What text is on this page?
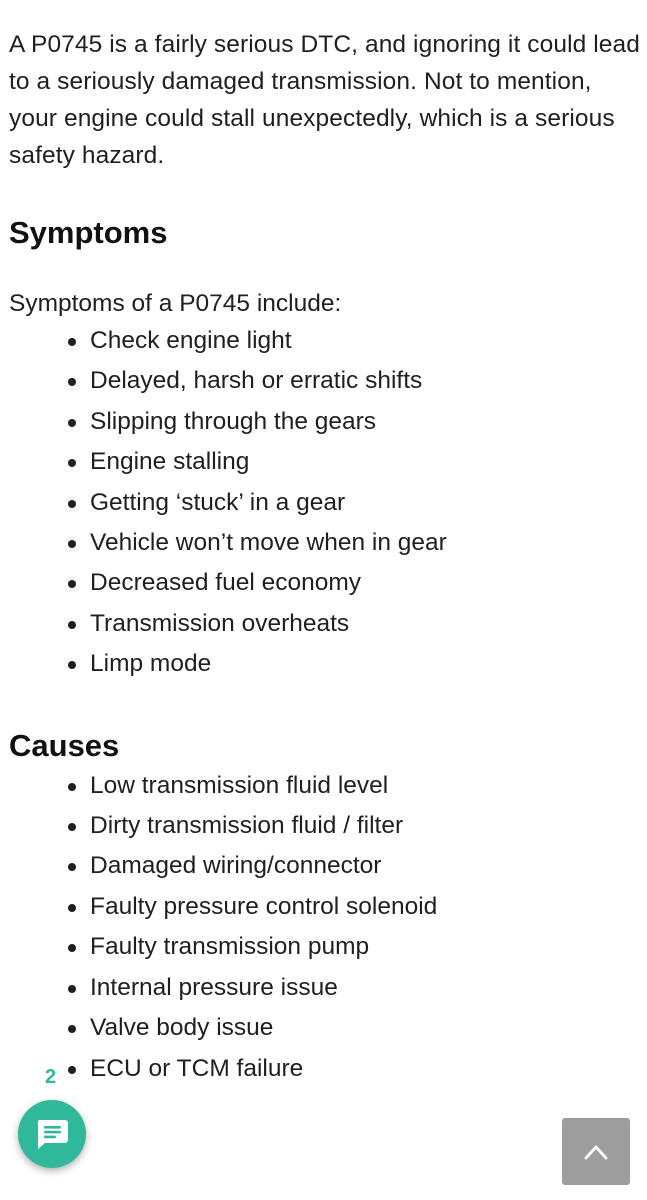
A P0745 is a fairly serious DTC, and ignoring it could lead to a seriously damaged transmission. Not to mention, your engine could stall unexpectedly, which is a serious safety hazard.

Symptoms

Symptoms of a P0745 include:

Check engine light
Delayed, harsh or erratic shifts
Slipping through the gears
Engine stalling
Getting ‘stuck’ in a gear
Vehicle won’t move when in gear
Decreased fuel economy
Transmission overheats
Limp mode
Causes
Low transmission fluid level
Dirty transmission fluid / filter
Damaged wiring/connector
Faulty pressure control solenoid
Faulty transmission pump
Internal pressure issue
Valve body issue
ECU or TCM failure
2
